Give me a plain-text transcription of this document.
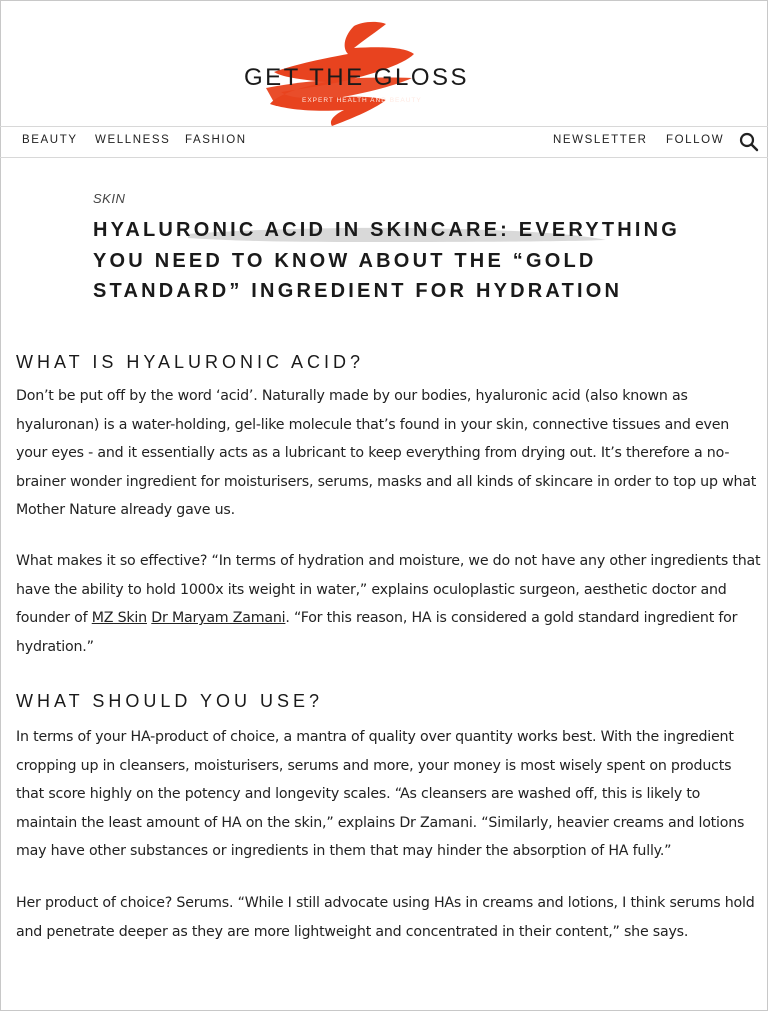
GET THE GLOSS
EXPERT HEALTH AND BEAUTY
BEAUTY WELLNESS FASHION	NEWSLETTER FOLLOW
SKIN
HYALURONIC ACID IN SKINCARE: EVERYTHING YOU NEED TO KNOW ABOUT THE “GOLD STANDARD” INGREDIENT FOR HYDRATION
WHAT IS HYALURONIC ACID?

Don’t be put off by the word ‘acid’. Naturally made by our bodies, hyaluronic acid (also known as hyaluronan) is a water-holding, gel-like molecule that’s found in your skin, connective tissues and even your eyes - and it essentially acts as a lubricant to keep everything from drying out. It’s therefore a no-brainer wonder ingredient for moisturisers, serums, masks and all kinds of skincare in order to top up what Mother Nature already gave us.

What makes it so effective? “In terms of hydration and moisture, we do not have any other ingredients that have the ability to hold 1000x its weight in water,” explains oculoplastic surgeon, aesthetic doctor and founder of MZ Skin Dr Maryam Zamani. “For this reason, HA is considered a gold standard ingredient for hydration.”

WHAT SHOULD YOU USE?

In terms of your HA-product of choice, a mantra of quality over quantity works best. With the ingredient cropping up in cleansers, moisturisers, serums and more, your money is most wisely spent on products that score highly on the potency and longevity scales. “As cleansers are washed off, this is likely to maintain the least amount of HA on the skin,” explains Dr Zamani. “Similarly, heavier creams and lotions may have other substances or ingredients in them that may hinder the absorption of HA fully.”

Her product of choice? Serums. “While I still advocate using HAs in creams and lotions, I think serums hold and penetrate deeper as they are more lightweight and concentrated in their content,” she says.
